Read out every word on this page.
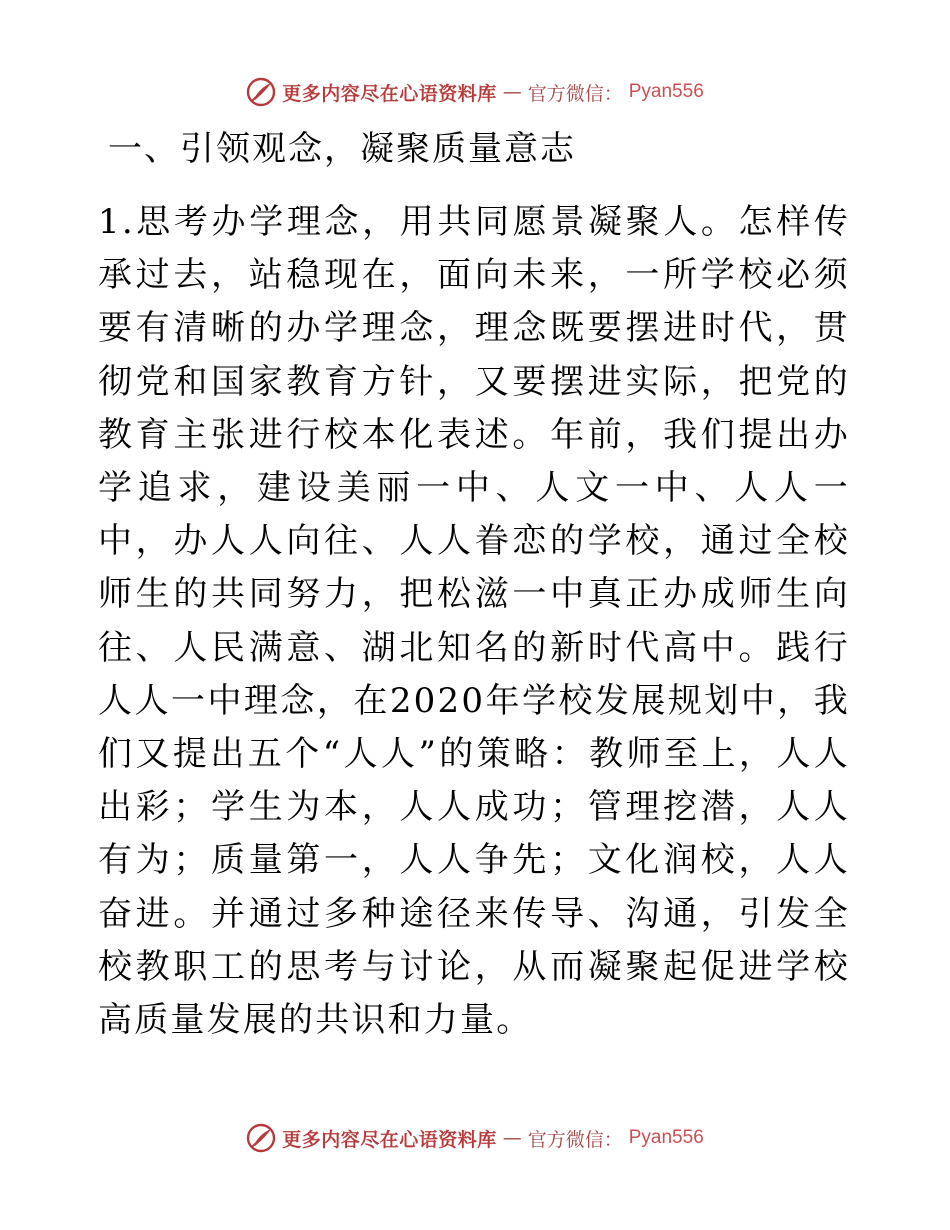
更多内容尽在心语资料库 — 官方微信： Pyan556
一、引领观念，凝聚质量意志
1.思考办学理念，用共同愿景凝聚人。怎样传承过去，站稳现在，面向未来，一所学校必须要有清晰的办学理念，理念既要摆进时代，贯彻党和国家教育方针，又要摆进实际，把党的教育主张进行校本化表述。年前，我们提出办学追求，建设美丽一中、人文一中、人人一中，办人人向往、人人眷恋的学校，通过全校师生的共同努力，把松滋一中真正办成师生向往、人民满意、湖北知名的新时代高中。践行人人一中理念，在2020年学校发展规划中，我们又提出五个“人人”的策略：教师至上，人人出彩；学生为本，人人成功；管理挖潜，人人有为；质量第一，人人争先；文化润校，人人奋进。并通过多种途径来传导、沟通，引发全校教职工的思考与讨论，从而凝聚起促进学校高质量发展的共识和力量。
更多内容尽在心语资料库 — 官方微信： Pyan556
